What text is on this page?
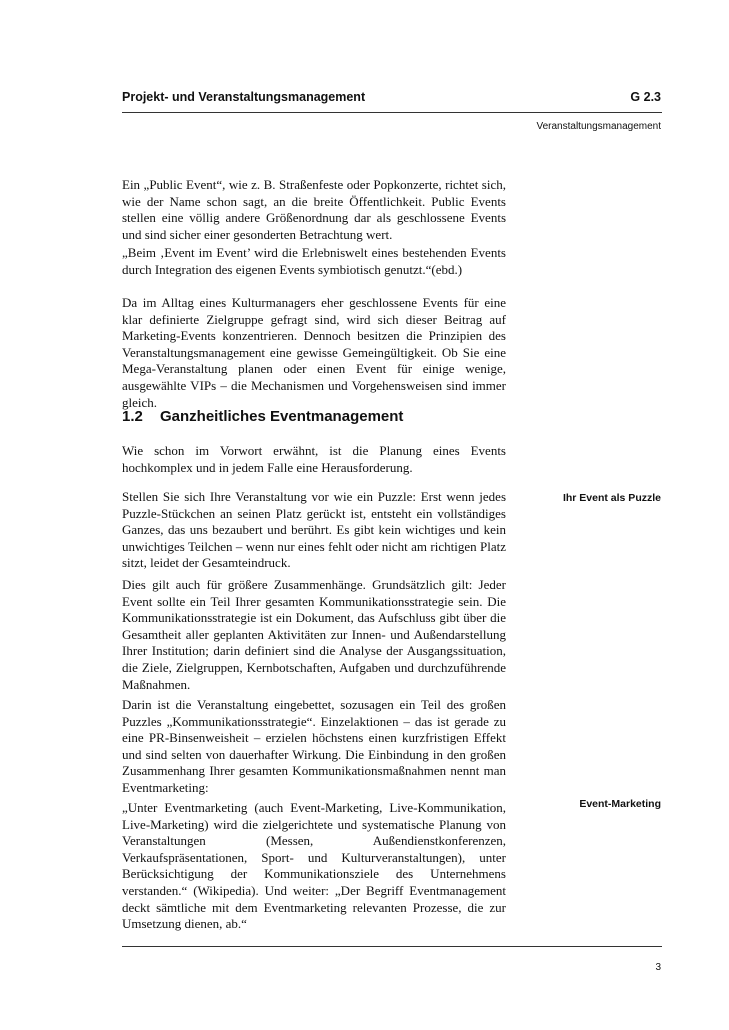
Projekt- und Veranstaltungsmanagement	G 2.3
Veranstaltungsmanagement

Ein „Public Event“, wie z. B. Straßenfeste oder Popkonzerte, richtet sich, wie der Name schon sagt, an die breite Öffentlichkeit. Public Events stellen eine völlig andere Größenordnung dar als geschlossene Events und sind sicher einer gesonderten Betrachtung wert.

„Beim ‚Event im Event’ wird die Erlebniswelt eines bestehenden Events durch Integration des eigenen Events symbiotisch genutzt.“(ebd.)

Da im Alltag eines Kulturmanagers eher geschlossene Events für eine klar definierte Zielgruppe gefragt sind, wird sich dieser Beitrag auf Marketing-Events konzentrieren. Dennoch besitzen die Prinzipien des Veranstaltungsmanagement eine gewisse Gemeingültigkeit. Ob Sie eine Mega-Veranstaltung planen oder einen Event für einige wenige, ausgewählte VIPs – die Mechanismen und Vorgehensweisen sind immer gleich.

1.2 Ganzheitliches Eventmanagement

Wie schon im Vorwort erwähnt, ist die Planung eines Events hochkomplex und in jedem Falle eine Herausforderung.

Stellen Sie sich Ihre Veranstaltung vor wie ein Puzzle: Erst wenn jedes Puzzle-Stückchen an seinen Platz gerückt ist, entsteht ein vollständiges Ganzes, das uns bezaubert und berührt. Es gibt kein wichtiges und kein unwichtiges Teilchen – wenn nur eines fehlt oder nicht am richtigen Platz sitzt, leidet der Gesamteindruck.

Dies gilt auch für größere Zusammenhänge. Grundsätzlich gilt: Jeder Event sollte ein Teil Ihrer gesamten Kommunikationsstrategie sein. Die Kommunikationsstrategie ist ein Dokument, das Aufschluss gibt über die Gesamtheit aller geplanten Aktivitäten zur Innen- und Außendarstellung Ihrer Institution; darin definiert sind die Analyse der Ausgangssituation, die Ziele, Zielgruppen, Kernbotschaften, Aufgaben und durchzuführende Maßnahmen.

Darin ist die Veranstaltung eingebettet, sozusagen ein Teil des großen Puzzles „Kommunikationsstrategie“. Einzelaktionen – das ist gerade zu eine PR-Binsenweisheit – erzielen höchstens einen kurzfristigen Effekt und sind selten von dauerhafter Wirkung. Die Einbindung in den großen Zusammenhang Ihrer gesamten Kommunikationsmaßnahmen nennt man Eventmarketing:

„Unter Eventmarketing (auch Event-Marketing, Live-Kommunikation, Live-Marketing) wird die zielgerichtete und systematische Planung von Veranstaltungen (Messen, Außendienstkonferenzen, Verkaufspräsentationen, Sport- und Kulturveranstaltungen), unter Berücksichtigung der Kommunikationsziele des Unternehmens verstanden.“ (Wikipedia). Und weiter: „Der Begriff Eventmanagement deckt sämtliche mit dem Eventmarketing relevanten Prozesse, die zur Umsetzung dienen, ab.“

Ihr Event als Puzzle
Event-Marketing
3
